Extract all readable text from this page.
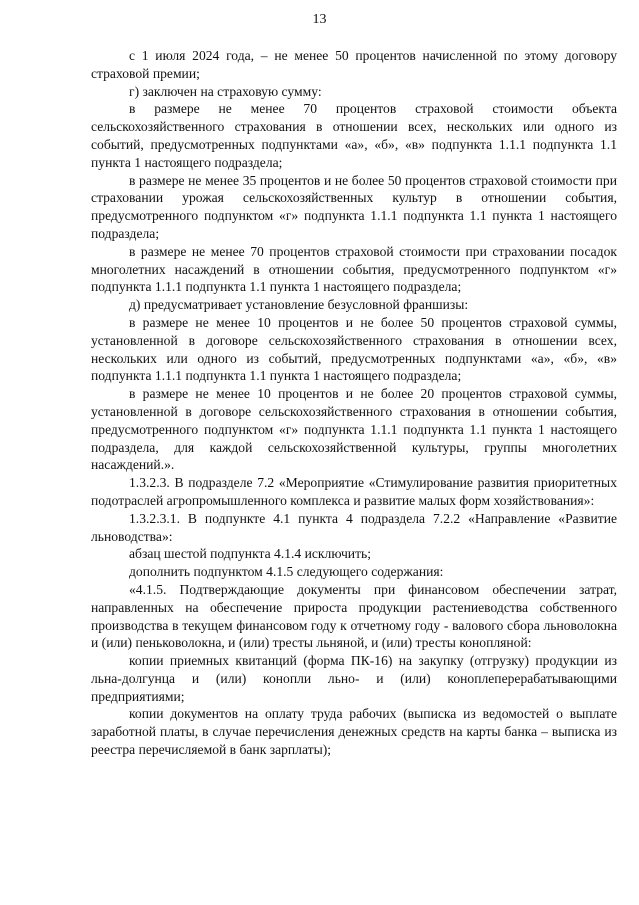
13

с 1 июля 2024 года, – не менее 50 процентов начисленной по этому договору страховой премии;

г) заключен на страховую сумму:

в размере не менее 70 процентов страховой стоимости объекта сельскохозяйственного страхования в отношении всех, нескольких или одного из событий, предусмотренных подпунктами «а», «б», «в» подпункта 1.1.1 подпункта 1.1 пункта 1 настоящего подраздела;

в размере не менее 35 процентов и не более 50 процентов страховой стоимости при страховании урожая сельскохозяйственных культур в отношении события, предусмотренного подпунктом «г» подпункта 1.1.1 подпункта 1.1 пункта 1 настоящего подраздела;

в размере не менее 70 процентов страховой стоимости при страховании посадок многолетних насаждений в отношении события, предусмотренного подпунктом «г» подпункта 1.1.1 подпункта 1.1 пункта 1 настоящего подраздела;

д) предусматривает установление безусловной франшизы:

в размере не менее 10 процентов и не более 50 процентов страховой суммы, установленной в договоре сельскохозяйственного страхования в отношении всех, нескольких или одного из событий, предусмотренных подпунктами «а», «б», «в» подпункта 1.1.1 подпункта 1.1 пункта 1 настоящего подраздела;

в размере не менее 10 процентов и не более 20 процентов страховой суммы, установленной в договоре сельскохозяйственного страхования в отношении события, предусмотренного подпунктом «г» подпункта 1.1.1 подпункта 1.1 пункта 1 настоящего подраздела, для каждой сельскохозяйственной культуры, группы многолетних насаждений.».

1.3.2.3. В подразделе 7.2 «Мероприятие «Стимулирование развития приоритетных подотраслей агропромышленного комплекса и развитие малых форм хозяйствования»:

1.3.2.3.1. В подпункте 4.1 пункта 4 подраздела 7.2.2 «Направление «Развитие льноводства»:

абзац шестой подпункта 4.1.4 исключить;

дополнить подпунктом 4.1.5 следующего содержания:

«4.1.5. Подтверждающие документы при финансовом обеспечении затрат, направленных на обеспечение прироста продукции растениеводства собственного производства в текущем финансовом году к отчетному году - валового сбора льноволокна и (или) пеньковолокна, и (или) тресты льняной, и (или) тресты конопляной:

копии приемных квитанций (форма ПК-16) на закупку (отгрузку) продукции из льна-долгунца и (или) конопли льно- и (или) коноплеперерабатывающими предприятиями;

копии документов на оплату труда рабочих (выписка из ведомостей о выплате заработной платы, в случае перечисления денежных средств на карты банка – выписка из реестра перечисляемой в банк зарплаты);
